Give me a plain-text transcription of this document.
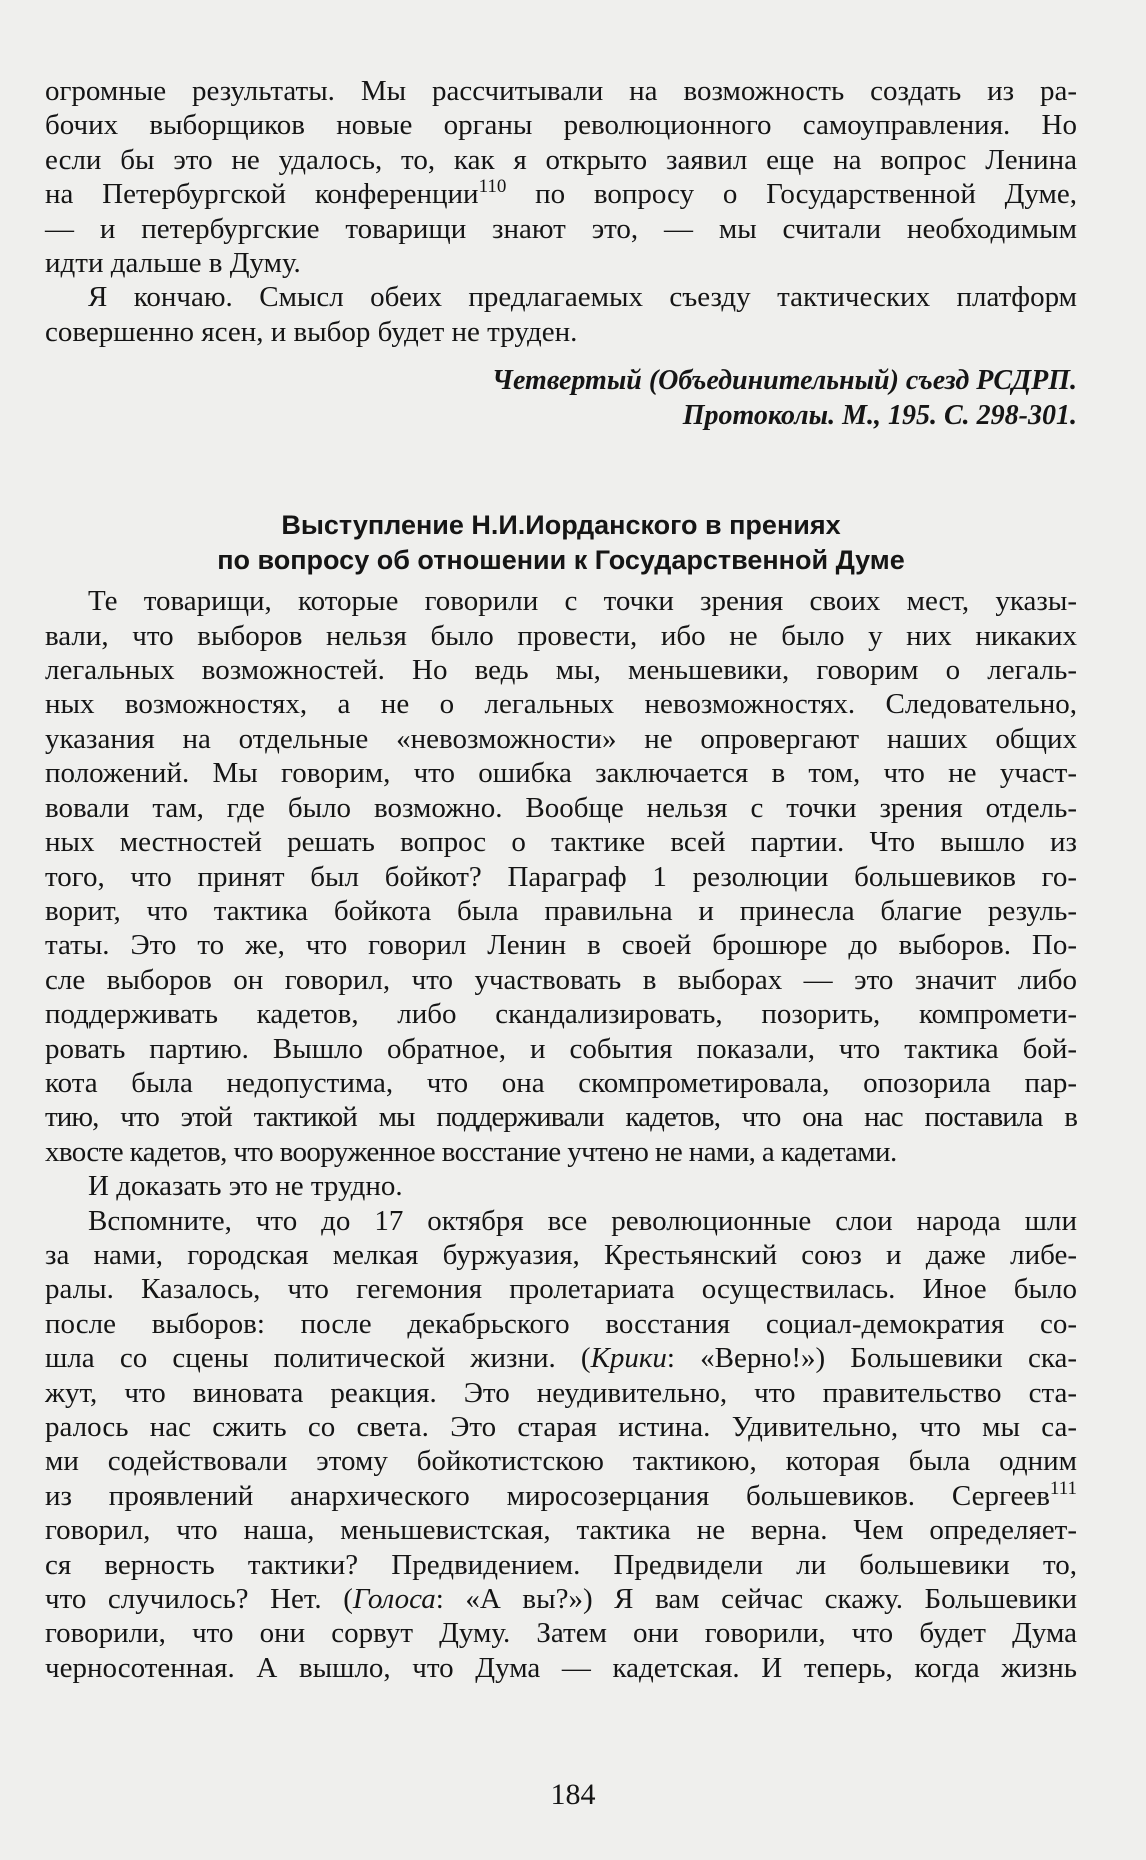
огромные результаты. Мы рассчитывали на возможность создать из ра-
бочих выборщиков новые органы революционного самоуправления. Но
если бы это не удалось, то, как я открыто заявил еще на вопрос Ленина
на Петербургской конференции$^{110}$ по вопросу о Государственной Думе,
— и петербургские товарищи знают это, — мы считали необходимым
идти дальше в Думу.
Я кончаю. Смысл обеих предлагаемых съезду тактических платформ
совершенно ясен, и выбор будет не труден.
Четвертый (Объединительный) съезд РСДРП.
Протоколы. М., 195. С. 298-301.
Выступление Н.И.Иорданского в прениях
по вопросу об отношении к Государственной Думе
Те товарищи, которые говорили с точки зрения своих мест, указы-
вали, что выборов нельзя было провести, ибо не было у них никаких
легальных возможностей. Но ведь мы, меньшевики, говорим о легаль-
ных возможностях, а не о легальных невозможностях. Следовательно,
указания на отдельные «невозможности» не опровергают наших общих
положений. Мы говорим, что ошибка заключается в том, что не участ-
вовали там, где было возможно. Вообще нельзя с точки зрения отдель-
ных местностей решать вопрос о тактике всей партии. Что вышло из
того, что принят был бойкот? Параграф 1 резолюции большевиков го-
ворит, что тактика бойкота была правильна и принесла благие резуль-
таты. Это то же, что говорил Ленин в своей брошюре до выборов. По-
сле выборов он говорил, что участвовать в выборах — это значит либо
поддерживать кадетов, либо скандализировать, позорить, компромети-
ровать партию. Вышло обратное, и события показали, что тактика бой-
кота была недопустима, что она скомпрометировала, опозорила пар-
тию, что этой тактикой мы поддерживали кадетов, что она нас поставила в
хвосте кадетов, что вооруженное восстание учтено не нами, а кадетами.
И доказать это не трудно.
Вспомните, что до 17 октября все революционные слои народа шли
за нами, городская мелкая буржуазия, Крестьянский союз и даже либе-
ралы. Казалось, что гегемония пролетариата осуществилась. Иное было
после выборов: после декабрьского восстания социал-демократия со-
шла со сцены политической жизни. (Крики: «Верно!») Большевики ска-
жут, что виновата реакция. Это неудивительно, что правительство ста-
ралось нас сжить со света. Это старая истина. Удивительно, что мы са-
ми содействовали этому бойкотистскою тактикою, которая была одним
из проявлений анархического миросозерцания большевиков. Сергеев$^{111}$
говорил, что наша, меньшевистская, тактика не верна. Чем определяет-
ся верность тактики? Предвидением. Предвидели ли большевики то,
что случилось? Нет. (Голоса: «А вы?») Я вам сейчас скажу. Большевики
говорили, что они сорвут Думу. Затем они говорили, что будет Дума
черносотенная. А вышло, что Дума — кадетская. И теперь, когда жизнь
184
